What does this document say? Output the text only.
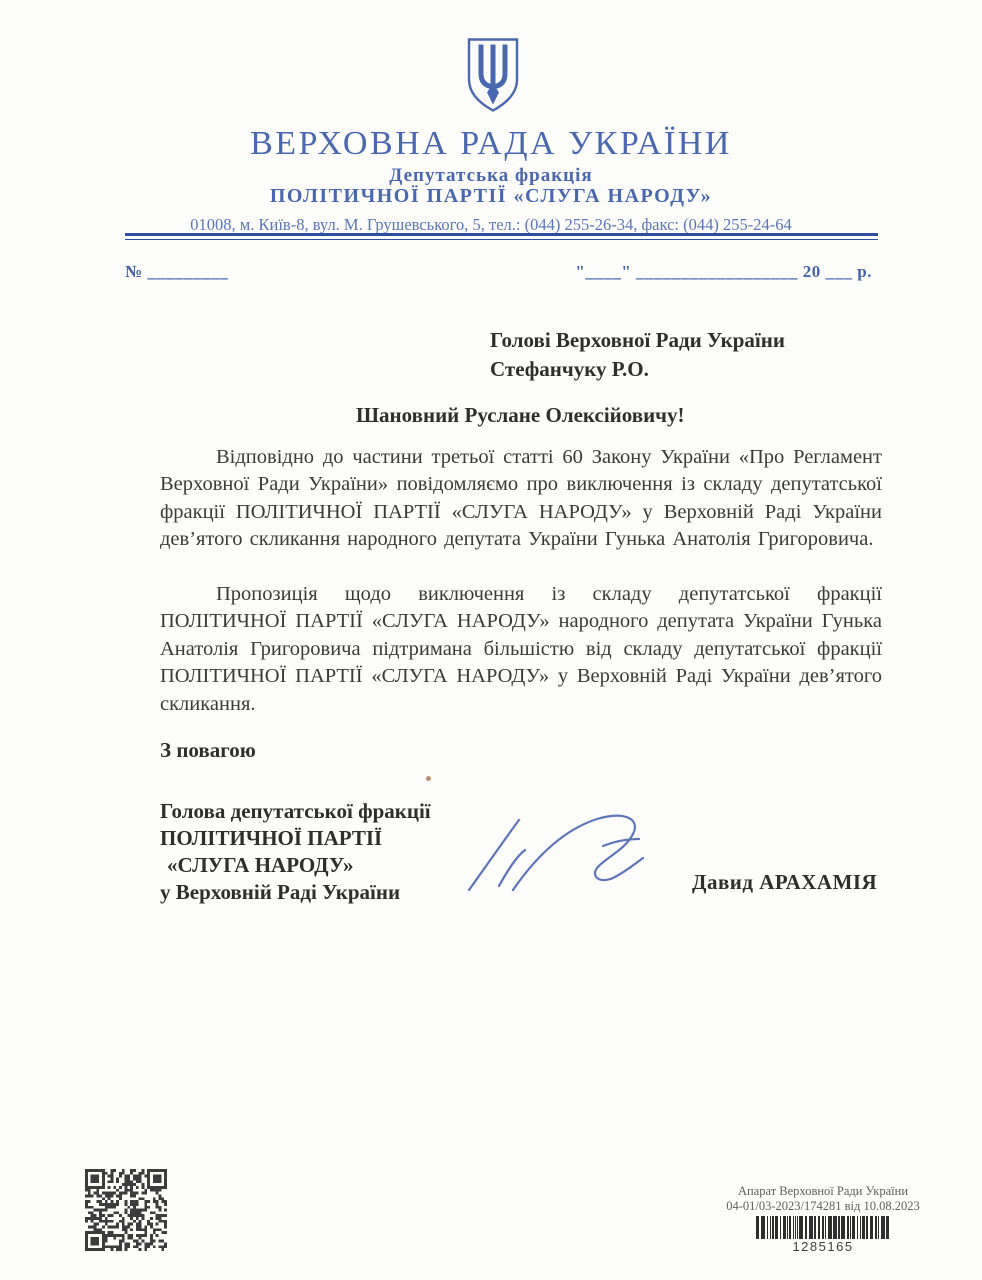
ВЕРХОВНА РАДА УКРАЇНИ
Депутатська фракція
ПОЛІТИЧНОЇ ПАРТІЇ «СЛУГА НАРОДУ»
01008, м. Київ-8, вул. М. Грушевського, 5, тел.: (044) 255-26-34, факс: (044) 255-24-64
№ _________	"____" __________________ 20 ___ р.
Голові Верховної Ради України
Стефанчуку Р.О.
Шановний Руслане Олексійовичу!

Відповідно до частини третьої статті 60 Закону України «Про Регламент Верховної Ради України» повідомляємо про виключення із складу депутатської фракції ПОЛІТИЧНОЇ ПАРТІЇ «СЛУГА НАРОДУ» у Верховній Раді України дев’ятого скликання народного депутата України Гунька Анатолія Григоровича.

Пропозиція щодо виключення із складу депутатської фракції ПОЛІТИЧНОЇ ПАРТІЇ «СЛУГА НАРОДУ» народного депутата України Гунька Анатолія Григоровича підтримана більшістю від складу депутатської фракції ПОЛІТИЧНОЇ ПАРТІЇ «СЛУГА НАРОДУ» у Верховній Раді України дев’ятого скликання.

З повагою
Голова депутатської фракції
ПОЛІТИЧНОЇ ПАРТІЇ
«СЛУГА НАРОДУ»
у Верховній Раді України	Давид АРАХАМІЯ
Апарат Верховної Ради України
04-01/03-2023/174281 від 10.08.2023
1285165
